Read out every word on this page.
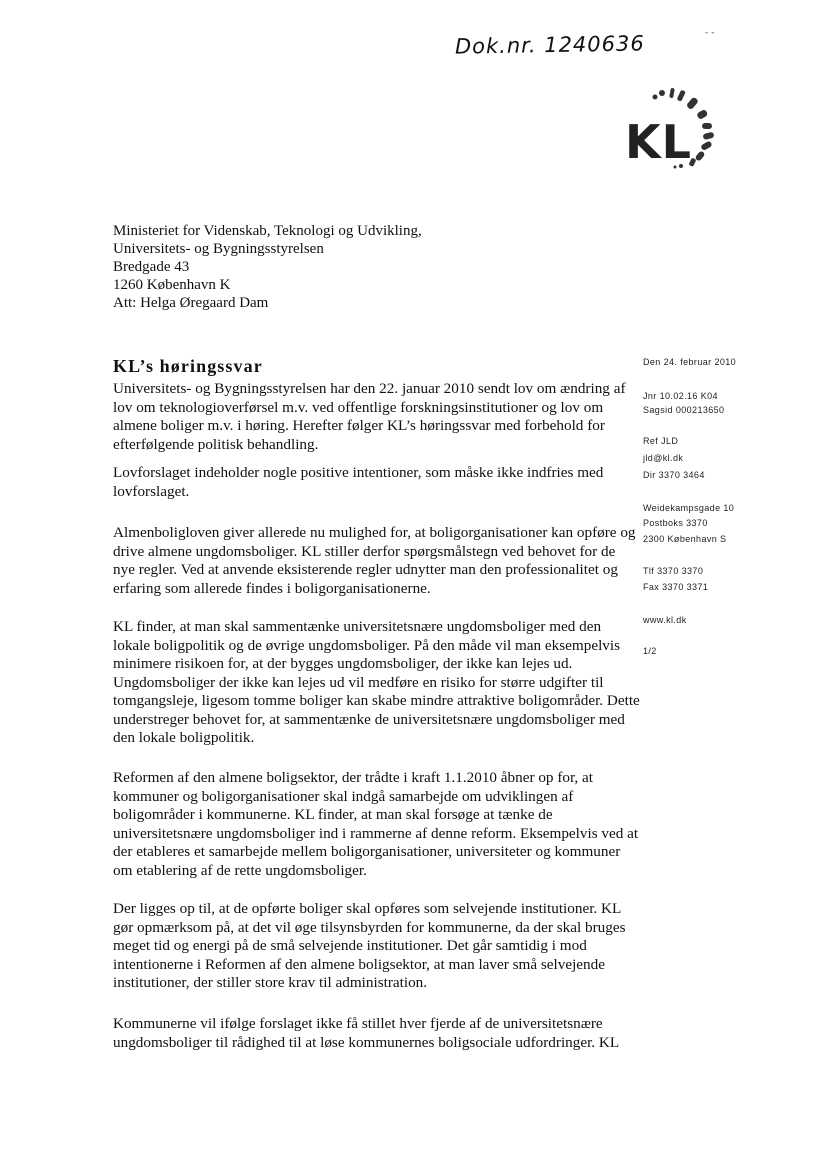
Dok.nr. 1240636	- -
KL
Ministeriet for Videnskab, Teknologi og Udvikling,
Universitets- og Bygningsstyrelsen
Bredgade 43
1260 København K
Att: Helga Øregaard Dam
KL’s høringssvar

Universitets- og Bygningsstyrelsen har den 22. januar 2010 sendt lov om ændring af
lov om teknologioverførsel m.v. ved offentlige forskningsinstitutioner og lov om
almene boliger m.v. i høring. Herefter følger KL’s høringssvar med forbehold for
efterfølgende politisk behandling.

Lovforslaget indeholder nogle positive intentioner, som måske ikke indfries med
lovforslaget.

Almenboligloven giver allerede nu mulighed for, at boligorganisationer kan opføre og
drive almene ungdomsboliger. KL stiller derfor spørgsmålstegn ved behovet for de
nye regler. Ved at anvende eksisterende regler udnytter man den professionalitet og
erfaring som allerede findes i boligorganisationerne.

KL finder, at man skal sammentænke universitetsnære ungdomsboliger med den
lokale boligpolitik og de øvrige ungdomsboliger. På den måde vil man eksempelvis
minimere risikoen for, at der bygges ungdomsboliger, der ikke kan lejes ud.
Ungdomsboliger der ikke kan lejes ud vil medføre en risiko for større udgifter til
tomgangsleje, ligesom tomme boliger kan skabe mindre attraktive boligområder. Dette
understreger behovet for, at sammentænke de universitetsnære ungdomsboliger med
den lokale boligpolitik.

Reformen af den almene boligsektor, der trådte i kraft 1.1.2010 åbner op for, at
kommuner og boligorganisationer skal indgå samarbejde om udviklingen af
boligområder i kommunerne. KL finder, at man skal forsøge at tænke de
universitetsnære ungdomsboliger ind i rammerne af denne reform. Eksempelvis ved at
der etableres et samarbejde mellem boligorganisationer, universiteter og kommuner
om etablering af de rette ungdomsboliger.

Der ligges op til, at de opførte boliger skal opføres som selvejende institutioner. KL
gør opmærksom på, at det vil øge tilsynsbyrden for kommunerne, da der skal bruges
meget tid og energi på de små selvejende institutioner. Det går samtidig i mod
intentionerne i Reformen af den almene boligsektor, at man laver små selvejende
institutioner, der stiller store krav til administration.

Kommunerne vil ifølge forslaget ikke få stillet hver fjerde af de universitetsnære
ungdomsboliger til rådighed til at løse kommunernes boligsociale udfordringer. KL

Den 24. februar 2010
Jnr 10.02.16 K04
Sagsid 000213650
Ref JLD
jld@kl.dk
Dir 3370 3464
Weidekampsgade 10
Postboks 3370
2300 København S
Tlf 3370 3370
Fax 3370 3371
www.kl.dk
1/2
